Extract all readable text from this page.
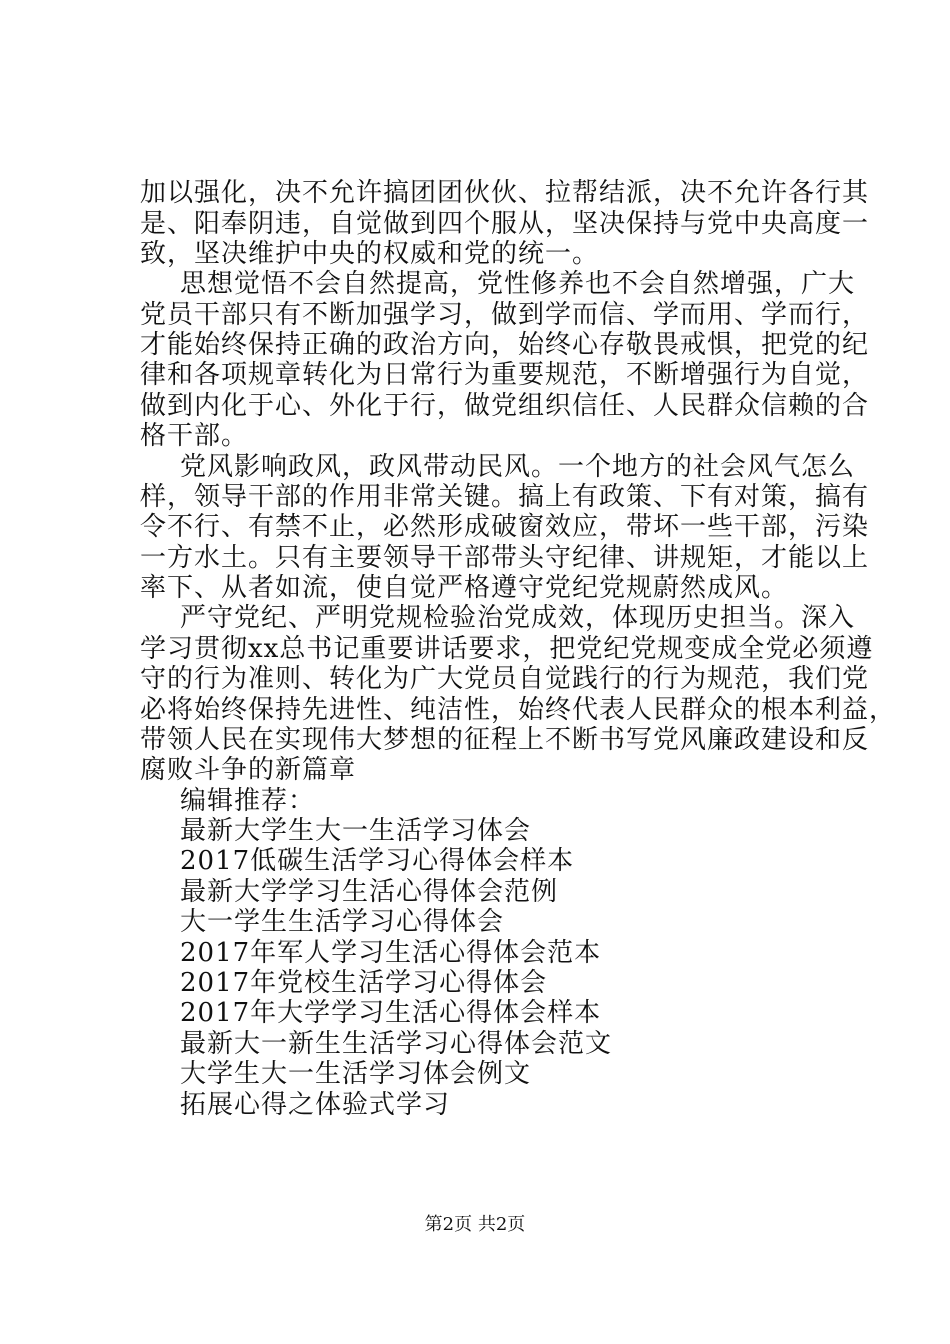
加以强化，决不允许搞团团伙伙、拉帮结派，决不允许各行其
是、阳奉阴违，自觉做到四个服从，坚决保持与党中央高度一
致，坚决维护中央的权威和党的统一。
思想觉悟不会自然提高，党性修养也不会自然增强，广大
党员干部只有不断加强学习，做到学而信、学而用、学而行，
才能始终保持正确的政治方向，始终心存敬畏戒惧，把党的纪
律和各项规章转化为日常行为重要规范，不断增强行为自觉，
做到内化于心、外化于行，做党组织信任、人民群众信赖的合
格干部。
党风影响政风，政风带动民风。一个地方的社会风气怎么
样，领导干部的作用非常关键。搞上有政策、下有对策，搞有
令不行、有禁不止，必然形成破窗效应，带坏一些干部，污染
一方水土。只有主要领导干部带头守纪律、讲规矩，才能以上
率下、从者如流，使自觉严格遵守党纪党规蔚然成风。
严守党纪、严明党规检验治党成效，体现历史担当。深入
学习贯彻xx总书记重要讲话要求，把党纪党规变成全党必须遵
守的行为准则、转化为广大党员自觉践行的行为规范，我们党
必将始终保持先进性、纯洁性，始终代表人民群众的根本利益，
带领人民在实现伟大梦想的征程上不断书写党风廉政建设和反
腐败斗争的新篇章
编辑推荐：
最新大学生大一生活学习体会
2017低碳生活学习心得体会样本
最新大学学习生活心得体会范例
大一学生生活学习心得体会
2017年军人学习生活心得体会范本
2017年党校生活学习心得体会
2017年大学学习生活心得体会样本
最新大一新生生活学习心得体会范文
大学生大一生活学习体会例文
拓展心得之体验式学习
第2页 共2页
